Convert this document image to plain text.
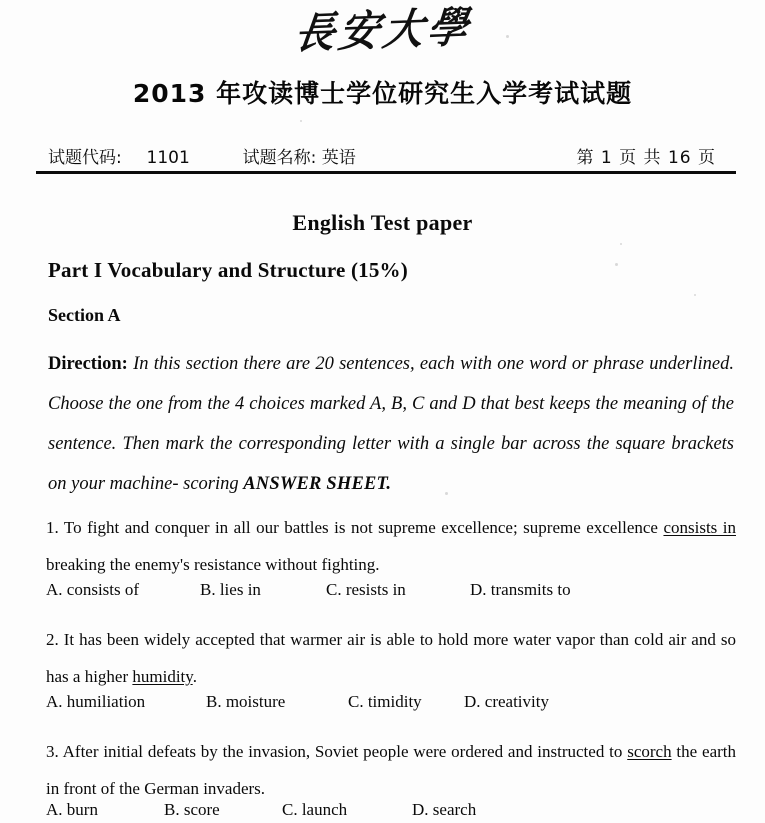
長安大學
2013 年攻读博士学位研究生入学考试试题
试题代码: 1101	试题名称: 英语	第 1 页 共 16 页
English Test paper
Part I Vocabulary and Structure (15%)
Section A
Direction: In this section there are 20 sentences, each with one word or phrase underlined. Choose the one from the 4 choices marked A, B, C and D that best keeps the meaning of the sentence. Then mark the corresponding letter with a single bar across the square brackets on your machine- scoring ANSWER SHEET.
1. To fight and conquer in all our battles is not supreme excellence; supreme excellence consists in breaking the enemy's resistance without fighting.
A. consists of	B. lies in	C. resists in	D. transmits to
2. It has been widely accepted that warmer air is able to hold more water vapor than cold air and so has a higher humidity.
A. humiliation	B. moisture	C. timidity D. creativity
3. After initial defeats by the invasion, Soviet people were ordered and instructed to scorch the earth in front of the German invaders.
A. burn	B. score	C. launch	D. search
